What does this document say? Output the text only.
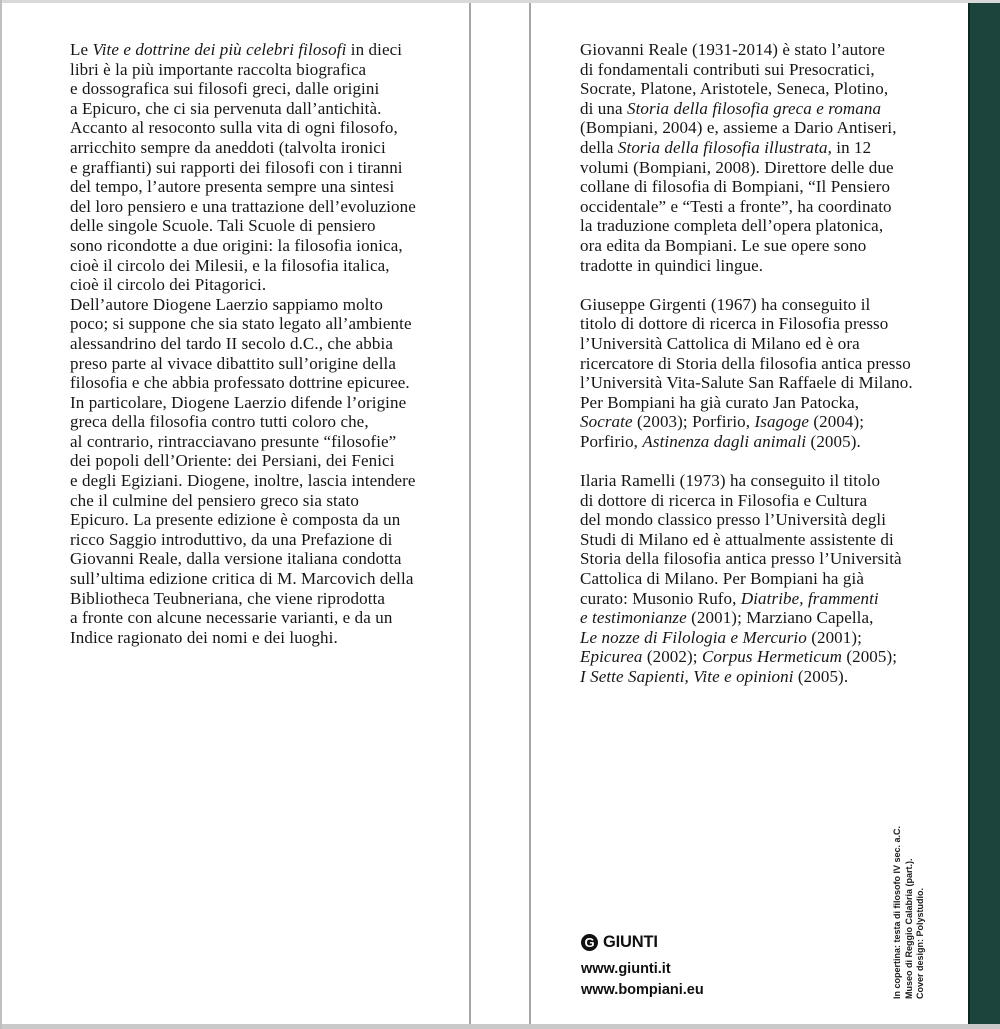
Le Vite e dottrine dei più celebri filosofi in dieci
libri è la più importante raccolta biografica
e dossografica sui filosofi greci, dalle origini
a Epicuro, che ci sia pervenuta dall’antichità.
Accanto al resoconto sulla vita di ogni filosofo,
arricchito sempre da aneddoti (talvolta ironici
e graffianti) sui rapporti dei filosofi con i tiranni
del tempo, l’autore presenta sempre una sintesi
del loro pensiero e una trattazione dell’evoluzione
delle singole Scuole. Tali Scuole di pensiero
sono ricondotte a due origini: la filosofia ionica,
cioè il circolo dei Milesii, e la filosofia italica,
cioè il circolo dei Pitagorici.
Dell’autore Diogene Laerzio sappiamo molto
poco; si suppone che sia stato legato all’ambiente
alessandrino del tardo II secolo d.C., che abbia
preso parte al vivace dibattito sull’origine della
filosofia e che abbia professato dottrine epicuree.
In particolare, Diogene Laerzio difende l’origine
greca della filosofia contro tutti coloro che,
al contrario, rintracciavano presunte “filosofie”
dei popoli dell’Oriente: dei Persiani, dei Fenici
e degli Egiziani. Diogene, inoltre, lascia intendere
che il culmine del pensiero greco sia stato
Epicuro. La presente edizione è composta da un
ricco Saggio introduttivo, da una Prefazione di
Giovanni Reale, dalla versione italiana condotta
sull’ultima edizione critica di M. Marcovich della
Bibliotheca Teubneriana, che viene riprodotta
a fronte con alcune necessarie varianti, e da un
Indice ragionato dei nomi e dei luoghi.

Giovanni Reale (1931-2014) è stato l’autore
di fondamentali contributi sui Presocratici,
Socrate, Platone, Aristotele, Seneca, Plotino,
di una Storia della filosofia greca e romana
(Bompiani, 2004) e, assieme a Dario Antiseri,
della Storia della filosofia illustrata, in 12
volumi (Bompiani, 2008). Direttore delle due
collane di filosofia di Bompiani, “Il Pensiero
occidentale” e “Testi a fronte”, ha coordinato
la traduzione completa dell’opera platonica,
ora edita da Bompiani. Le sue opere sono
tradotte in quindici lingue.

Giuseppe Girgenti (1967) ha conseguito il
titolo di dottore di ricerca in Filosofia presso
l’Università Cattolica di Milano ed è ora
ricercatore di Storia della filosofia antica presso
l’Università Vita-Salute San Raffaele di Milano.
Per Bompiani ha già curato Jan Patocka,
Socrate (2003); Porfirio, Isagoge (2004);
Porfirio, Astinenza dagli animali (2005).

Ilaria Ramelli (1973) ha conseguito il titolo
di dottore di ricerca in Filosofia e Cultura
del mondo classico presso l’Università degli
Studi di Milano ed è attualmente assistente di
Storia della filosofia antica presso l’Università
Cattolica di Milano. Per Bompiani ha già
curato: Musonio Rufo, Diatribe, frammenti
e testimonianze (2001); Marziano Capella,
Le nozze di Filologia e Mercurio (2001);
Epicurea (2002); Corpus Hermeticum (2005);
I Sette Sapienti, Vite e opinioni (2005).

G GIUNTI
www.giunti.it
www.bompiani.eu	In copertina: testa di filosofo IV sec. a.C. Museo di Reggio Calabria (part.). Cover design: Polystudio.
